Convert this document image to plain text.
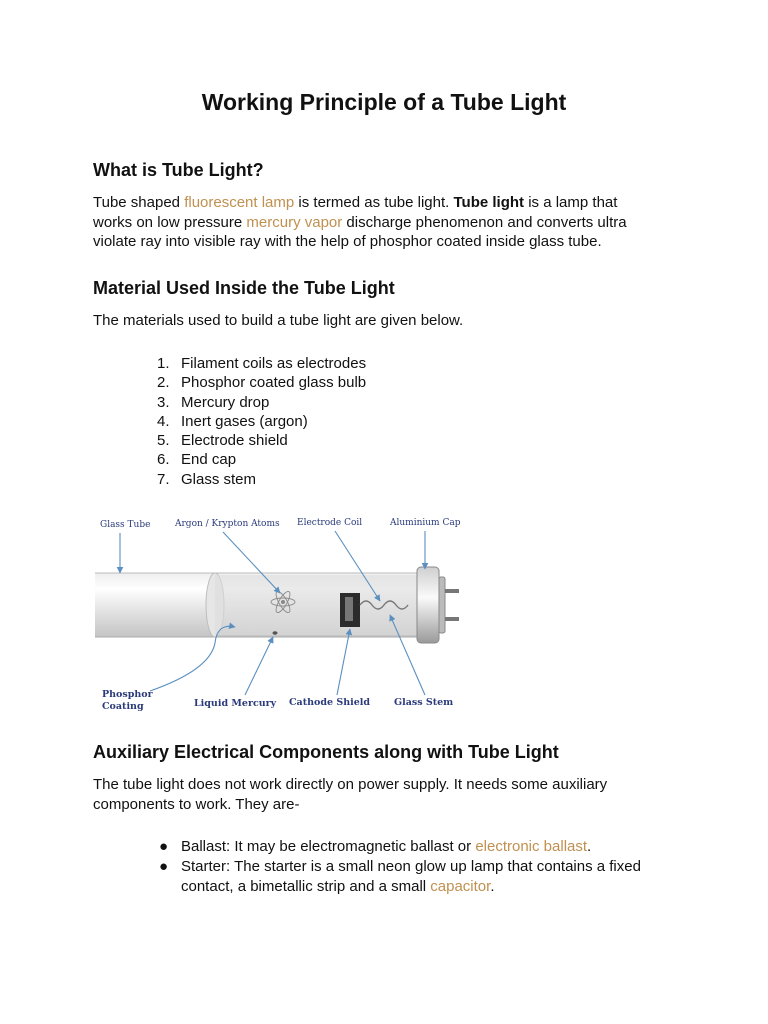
Working Principle of a Tube Light
What is Tube Light?

Tube shaped fluorescent lamp is termed as tube light. Tube light is a lamp that

works on low pressure mercury vapor discharge phenomenon and converts ultra

violate ray into visible ray with the help of phosphor coated inside glass tube.

Material Used Inside the Tube Light

The materials used to build a tube light are given below.

1. Filament coils as electrodes
2. Phosphor coated glass bulb
3. Mercury drop
4. Inert gases (argon)
5. Electrode shield
6. End cap
7. Glass stem
Glass Tube	Argon / Krypton Atoms Electrode Coil	Aluminium Cap
Phosphor
Coating	Liquid Mercury Cathode Shield	Glass Stem
Auxiliary Electrical Components along with Tube Light

The tube light does not work directly on power supply. It needs some auxiliary

components to work. They are-

● Ballast: It may be electromagnetic ballast or electronic ballast.
● Starter: The starter is a small neon glow up lamp that contains a fixed
contact, a bimetallic strip and a small capacitor.
